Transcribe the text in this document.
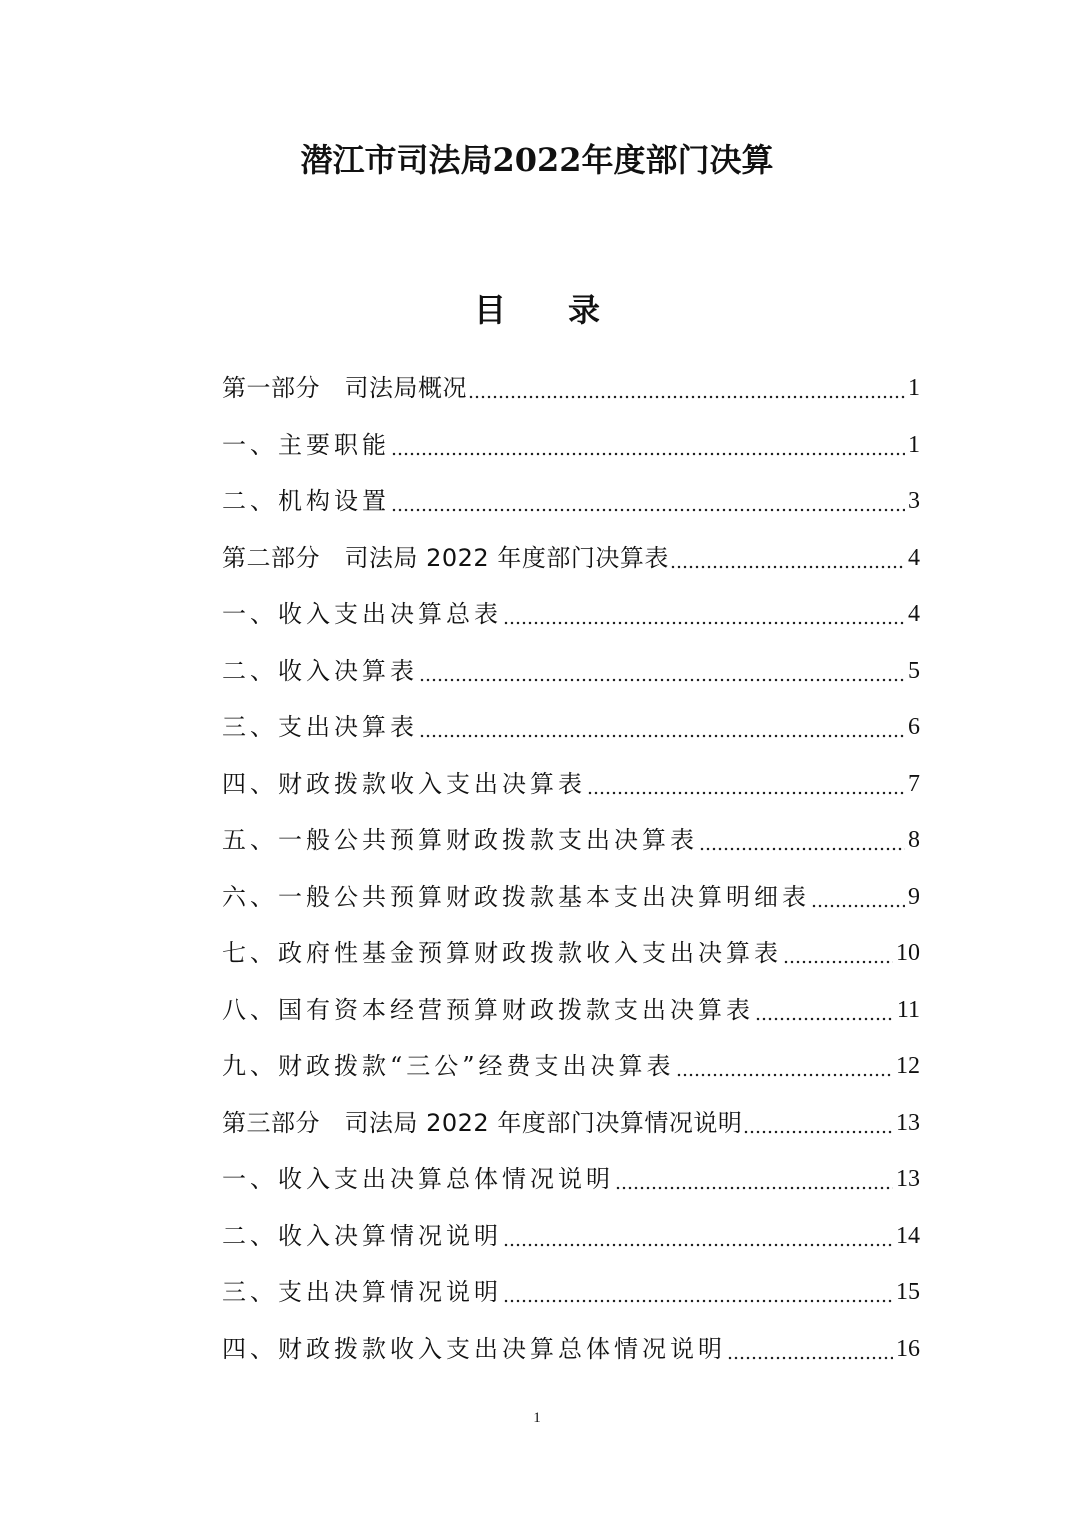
潜江市司法局2022年度部门决算
目 录
第一部分　司法局概况	1
一、主要职能	1
二、机构设置	3
第二部分　司法局 2022 年度部门决算表	4
一、收入支出决算总表	4
二、收入决算表	5
三、支出决算表	6
四、财政拨款收入支出决算表	7
五、一般公共预算财政拨款支出决算表	8
六、一般公共预算财政拨款基本支出决算明细表	9
七、政府性基金预算财政拨款收入支出决算表	10
八、国有资本经营预算财政拨款支出决算表	11
九、财政拨款“三公”经费支出决算表	12
第三部分　司法局 2022 年度部门决算情况说明	13
一、收入支出决算总体情况说明	13
二、收入决算情况说明	14
三、支出决算情况说明	15
四、财政拨款收入支出决算总体情况说明	16
1
